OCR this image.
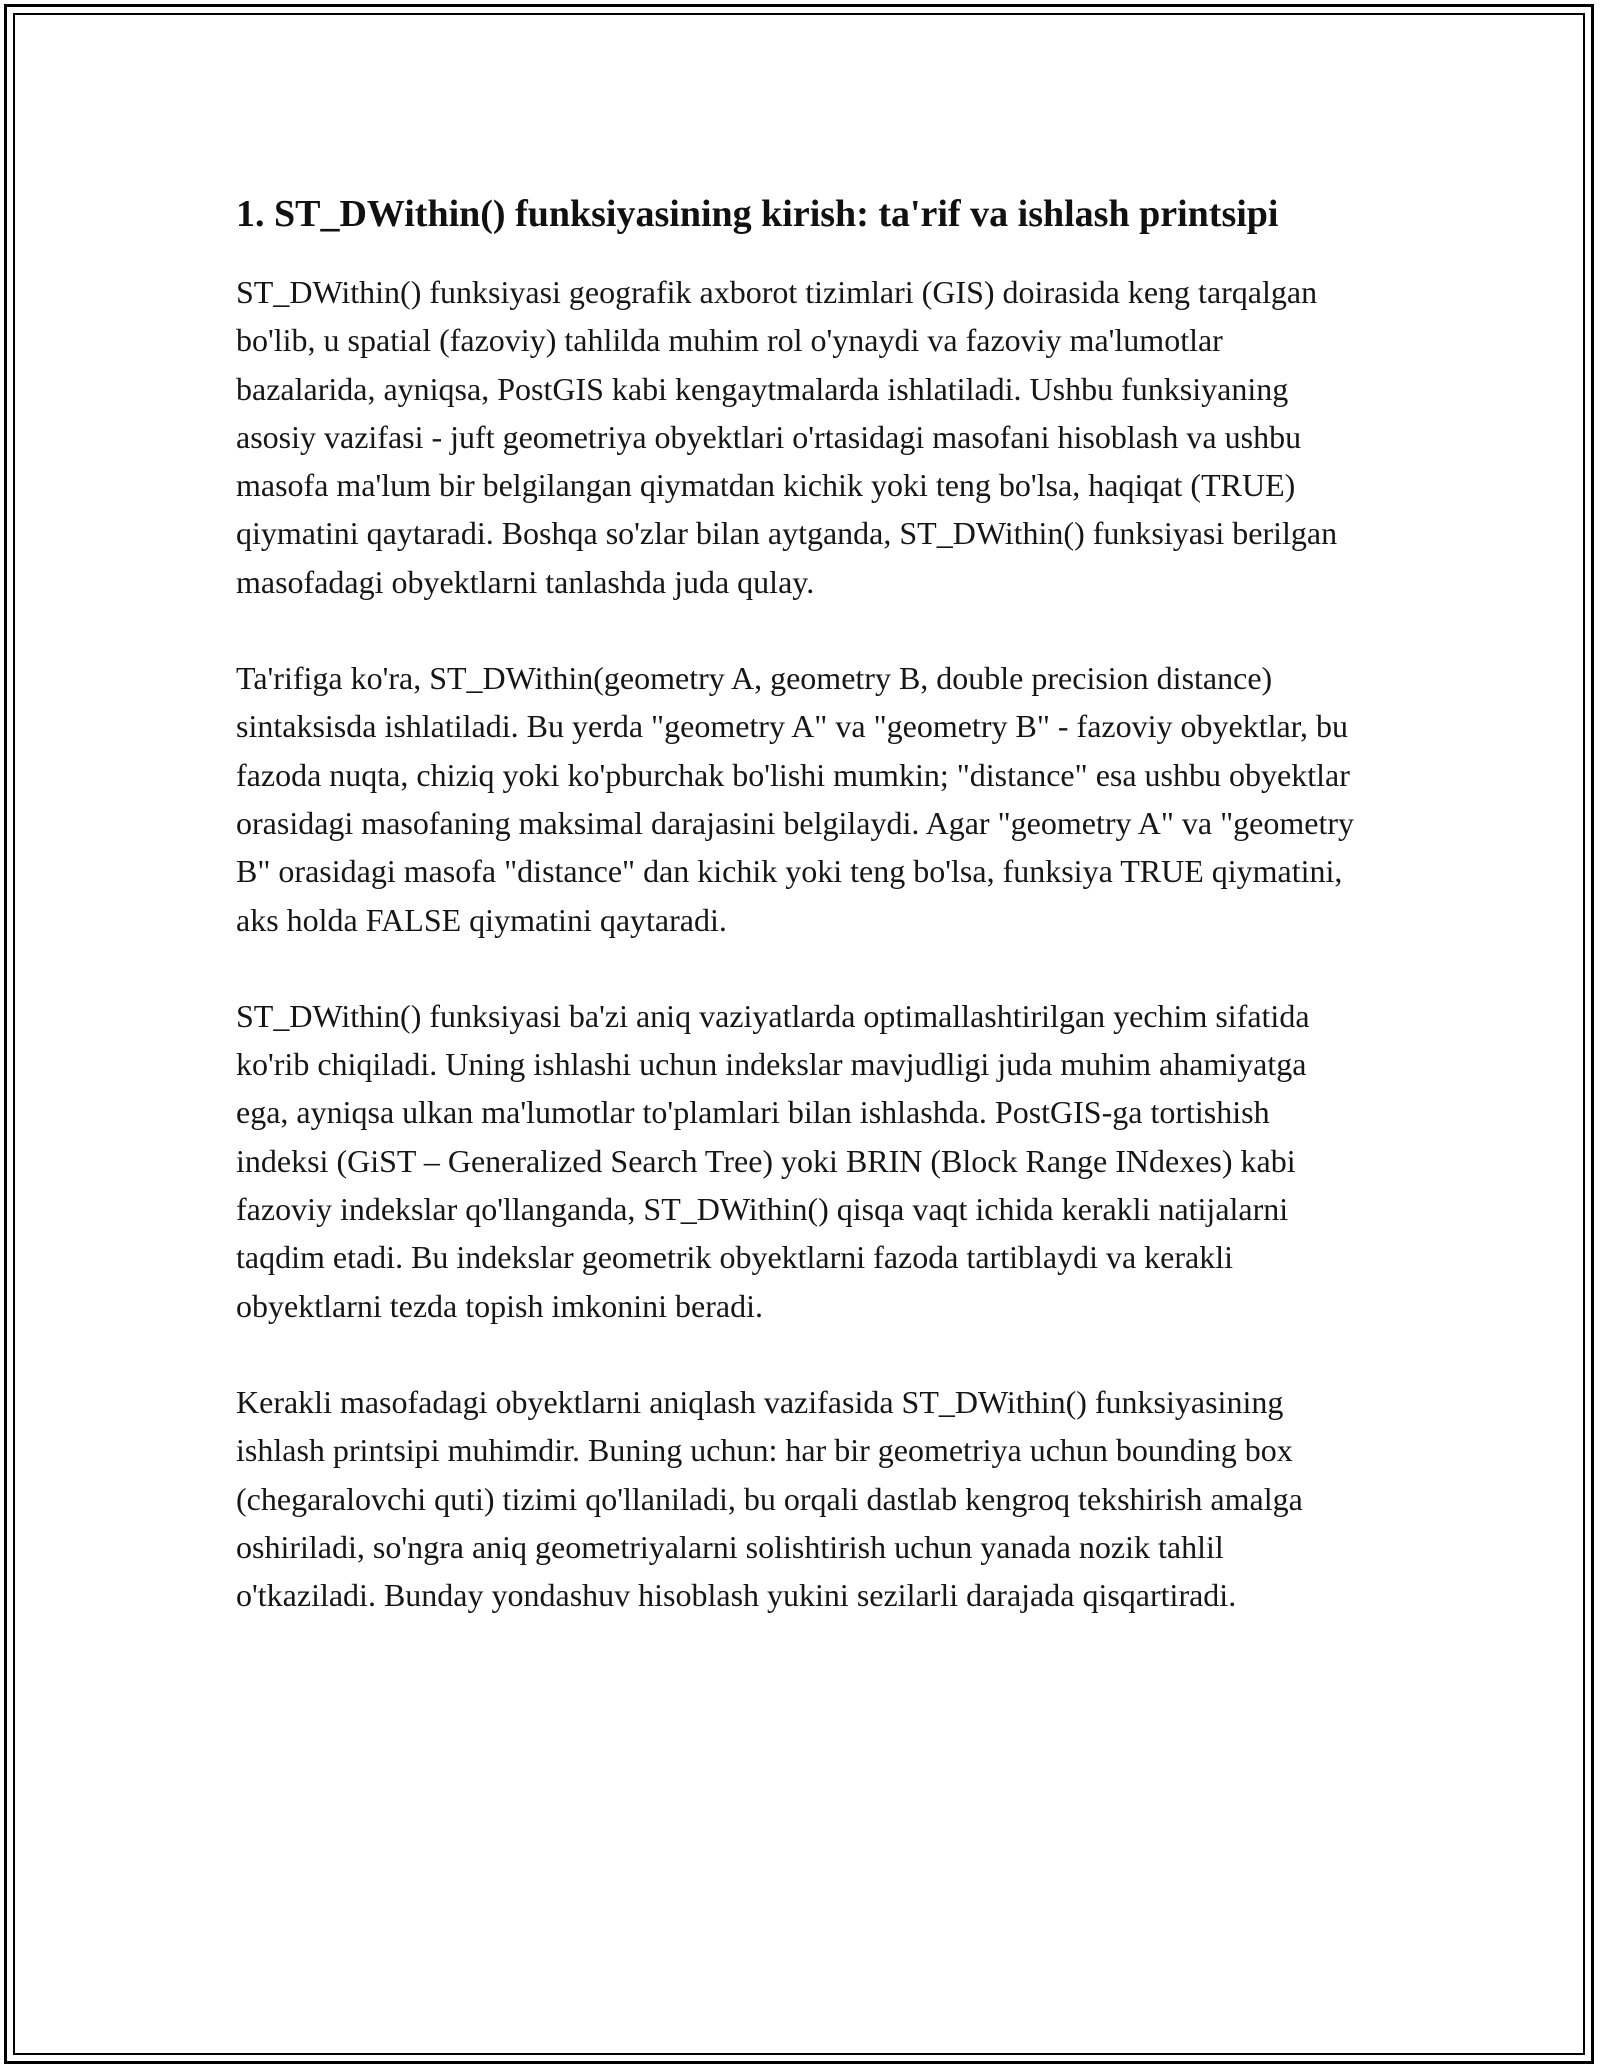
1. ST_DWithin() funksiyasining kirish: ta'rif va ishlash printsipi

ST_DWithin() funksiyasi geografik axborot tizimlari (GIS) doirasida keng tarqalgan bo'lib, u spatial (fazoviy) tahlilda muhim rol o'ynaydi va fazoviy ma'lumotlar bazalarida, ayniqsa, PostGIS kabi kengaytmalarda ishlatiladi. Ushbu funksiyaning asosiy vazifasi - juft geometriya obyektlari o'rtasidagi masofani hisoblash va ushbu masofa ma'lum bir belgilangan qiymatdan kichik yoki teng bo'lsa, haqiqat (TRUE) qiymatini qaytaradi. Boshqa so'zlar bilan aytganda, ST_DWithin() funksiyasi berilgan masofadagi obyektlarni tanlashda juda qulay.

Ta'rifiga ko'ra, ST_DWithin(geometry A, geometry B, double precision distance) sintaksisda ishlatiladi. Bu yerda "geometry A" va "geometry B" - fazoviy obyektlar, bu fazoda nuqta, chiziq yoki ko'pburchak bo'lishi mumkin; "distance" esa ushbu obyektlar orasidagi masofaning maksimal darajasini belgilaydi. Agar "geometry A" va "geometry B" orasidagi masofa "distance" dan kichik yoki teng bo'lsa, funksiya TRUE qiymatini, aks holda FALSE qiymatini qaytaradi.

ST_DWithin() funksiyasi ba'zi aniq vaziyatlarda optimallashtirilgan yechim sifatida ko'rib chiqiladi. Uning ishlashi uchun indekslar mavjudligi juda muhim ahamiyatga ega, ayniqsa ulkan ma'lumotlar to'plamlari bilan ishlashda. PostGIS-ga tortishish indeksi (GiST – Generalized Search Tree) yoki BRIN (Block Range INdexes) kabi fazoviy indekslar qo'llanganda, ST_DWithin() qisqa vaqt ichida kerakli natijalarni taqdim etadi. Bu indekslar geometrik obyektlarni fazoda tartiblaydi va kerakli obyektlarni tezda topish imkonini beradi.

Kerakli masofadagi obyektlarni aniqlash vazifasida ST_DWithin() funksiyasining ishlash printsipi muhimdir. Buning uchun: har bir geometriya uchun bounding box (chegaralovchi quti) tizimi qo'llaniladi, bu orqali dastlab kengroq tekshirish amalga oshiriladi, so'ngra aniq geometriyalarni solishtirish uchun yanada nozik tahlil o'tkaziladi. Bunday yondashuv hisoblash yukini sezilarli darajada qisqartiradi.
